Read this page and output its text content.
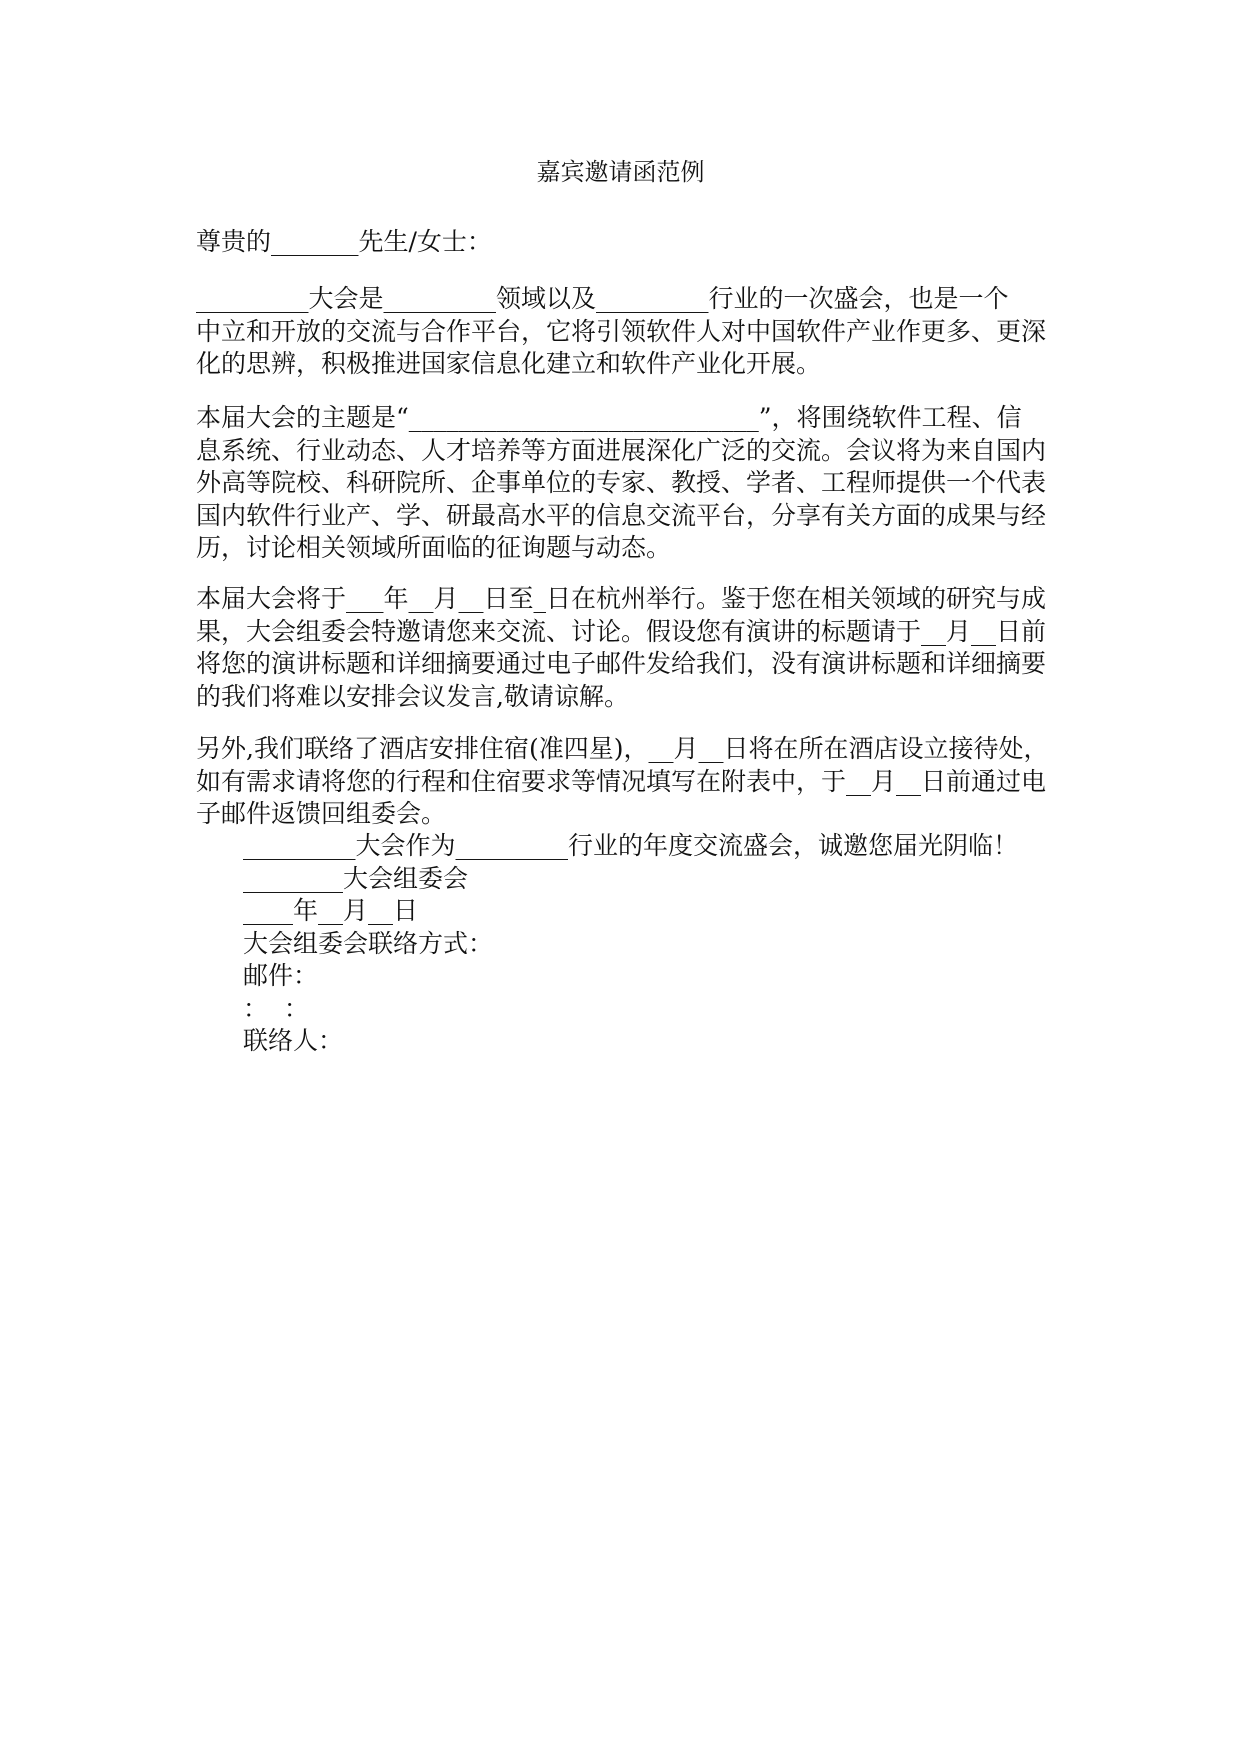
嘉宾邀请函范例
尊贵的_______先生/女士：
_________大会是_________领域以及_________行业的一次盛会，也是一个
中立和开放的交流与合作平台，它将引领软件人对中国软件产业作更多、更深
化的思辨，积极推进国家信息化建立和软件产业化开展。
本届大会的主题是“____________________________”，将围绕软件工程、信
息系统、行业动态、人才培养等方面进展深化广泛的交流。会议将为来自国内
外高等院校、科研院所、企事单位的专家、教授、学者、工程师提供一个代表
国内软件行业产、学、研最高水平的信息交流平台，分享有关方面的成果与经
历，讨论相关领域所面临的征询题与动态。
本届大会将于___年__月__日至_日在杭州举行。鉴于您在相关领域的研究与成
果，大会组委会特邀请您来交流、讨论。假设您有演讲的标题请于__月__日前
将您的演讲标题和详细摘要通过电子邮件发给我们，没有演讲标题和详细摘要
的我们将难以安排会议发言,敬请谅解。
另外,我们联络了酒店安排住宿(准四星)，__月__日将在所在酒店设立接待处，
如有需求请将您的行程和住宿要求等情况填写在附表中，于__月__日前通过电
子邮件返馈回组委会。
_________大会作为_________行业的年度交流盛会，诚邀您届光阴临！
________大会组委会
____年__月__日
大会组委会联络方式：
邮件：
：  ：
联络人：
